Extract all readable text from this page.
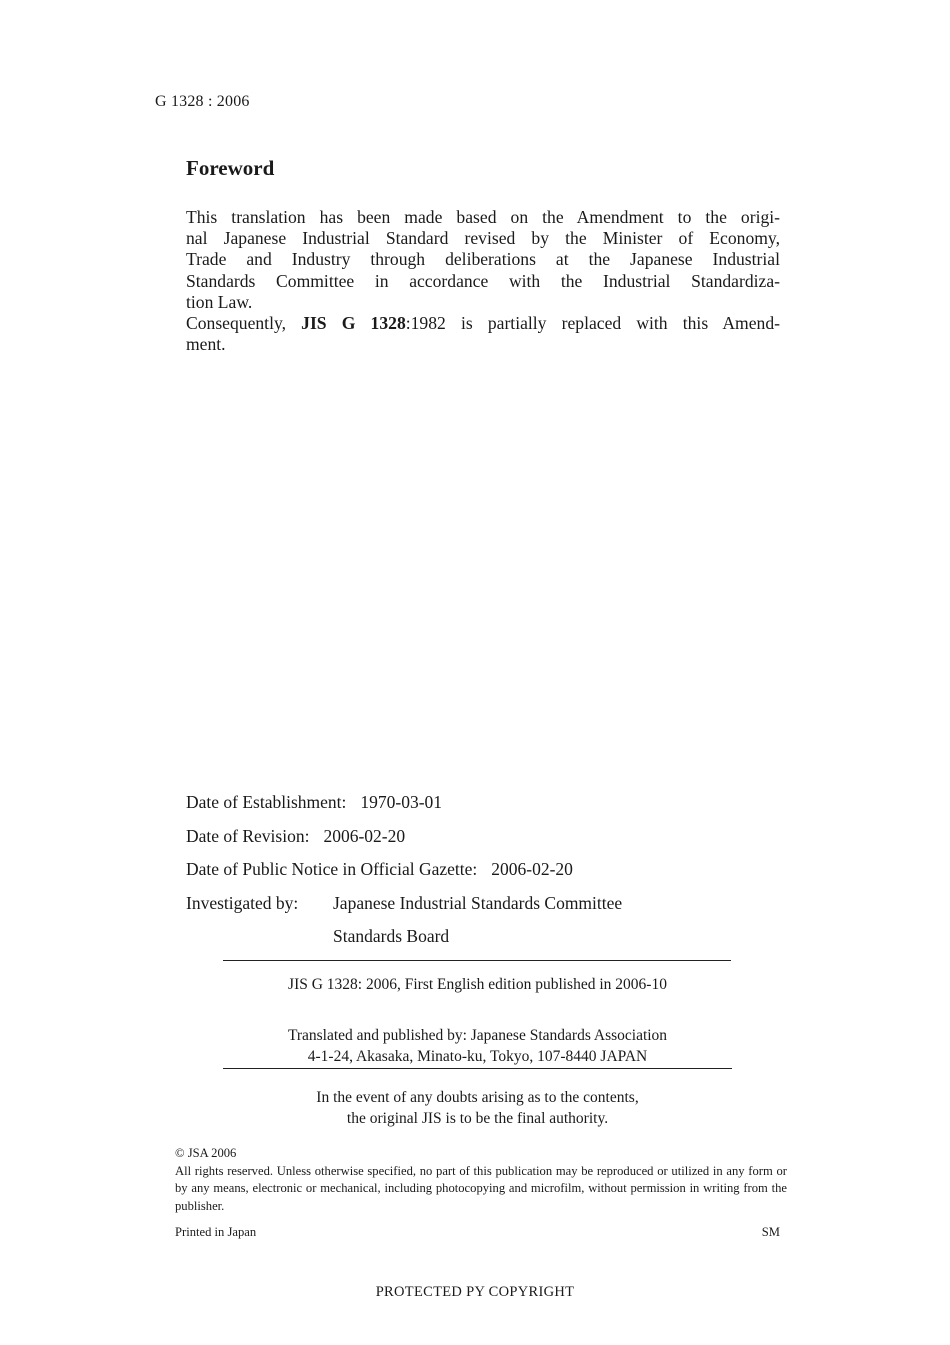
G 1328 : 2006
Foreword
This translation has been made based on the Amendment to the origi-
nal Japanese Industrial Standard revised by the Minister of Economy,
Trade and Industry through deliberations at the Japanese Industrial
Standards Committee in accordance with the Industrial Standardiza-
tion Law.
Consequently, JIS G 1328:1982 is partially replaced with this Amend-
ment.
Date of Establishment: 1970-03-01
Date of Revision: 2006-02-20
Date of Public Notice in Official Gazette: 2006-02-20
Investigated by:	Japanese Industrial Standards Committee
Standards Board
JIS G 1328: 2006, First English edition published in 2006-10
Translated and published by: Japanese Standards Association
4-1-24, Akasaka, Minato-ku, Tokyo, 107-8440 JAPAN
In the event of any doubts arising as to the contents,
the original JIS is to be the final authority.
© JSA 2006
All rights reserved. Unless otherwise specified, no part of this publication may be reproduced or utilized in any form or by any means, electronic or mechanical, including photocopying and microfilm, without permission in writing from the publisher.
Printed in Japan	SM
PROTECTED PY COPYRIGHT
